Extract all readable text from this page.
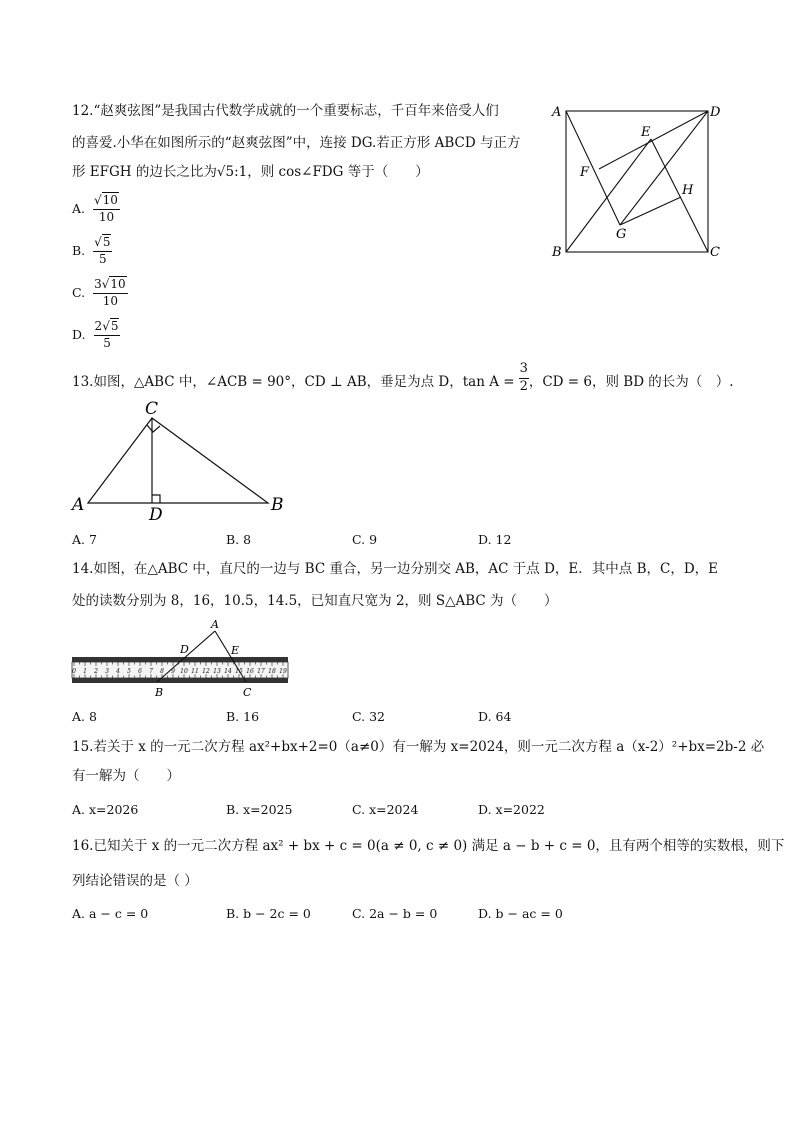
12.“赵爽弦图”是我国古代数学成就的一个重要标志，千百年来倍受人们
的喜爱.小华在如图所示的“赵爽弦图”中，连接 DG.若正方形 ABCD 与正方
形 EFGH 的边长之比为√5:1，则 cos∠FDG 等于（　　）
A. $\frac{√10}{10}$
B. $\frac{√5}{5}$
C. $\frac{3√10}{10}$
D. $\frac{2√5}{5}$
A	D
E
F
H
G
B	C
13.如图，△ABC 中，∠ACB = 90°，CD ⊥ AB，垂足为点 D，$\tan A = \frac{3}{2}$ ，CD = 6，则 BD 的长为（　）.
C
A	D	B
A. 7	B. 8	C. 9	D. 12
14.如图，在△ABC 中，直尺的一边与 BC 重合，另一边分别交 AB，AC 于点 D，E．其中点 B，C，D，E
处的读数分别为 8，16，10.5，14.5，已知直尺宽为 2，则 S△ABC 为（　　）
0 1 2 3 4 5 6 7 8 9 10 11 12 13 14 15 16 17 18 19
A
D	E
B	C
A. 8	B. 16	C. 32	D. 64
15.若关于 x 的一元二次方程 ax²+bx+2=0（a≠0）有一解为 x=2024，则一元二次方程 a（x-2）²+bx=2b-2 必
有一解为（　　）
A. x=2026	B. x=2025	C. x=2024	D. x=2022
16.已知关于 x 的一元二次方程 ax² + bx + c = 0(a ≠ 0, c ≠ 0) 满足 a − b + c = 0，且有两个相等的实数根，则下
列结论错误的是（ ）
A. a − c = 0	B. b − 2c = 0	C. 2a − b = 0	D. b − ac = 0
